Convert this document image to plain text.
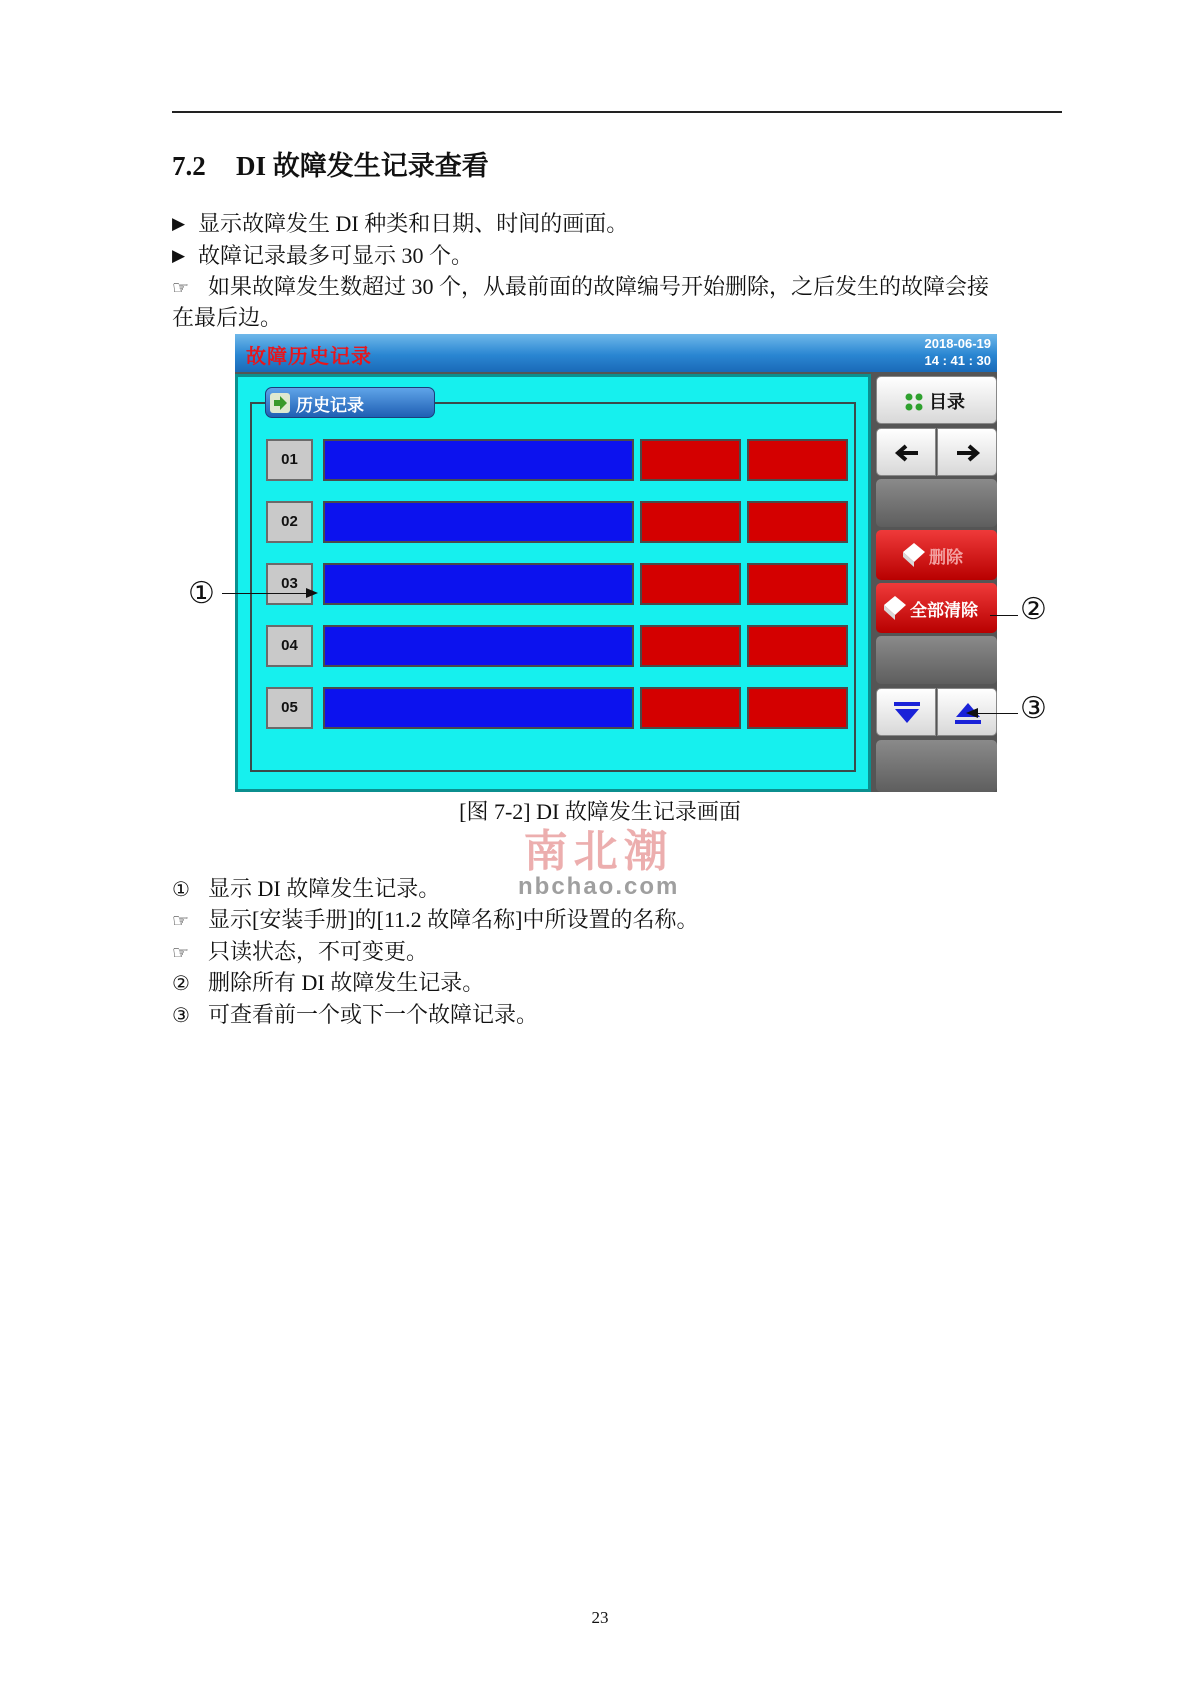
7.2 DI 故障发生记录查看
▶ 显示故障发生 DI 种类和日期、时间的画面。
▶ 故障记录最多可显示 30 个。
☞ 如果故障发生数超过 30 个，从最前面的故障编号开始删除，之后发生的故障会接
在最后边。
故障历史记录
2018-06-19
14 : 41 : 30
历史记录
01
02
03
04
05
目录
删除
全部清除
①	②
③
[图 7-2] DI 故障发生记录画面
南北潮
nbchao.com
① 显示 DI 故障发生记录。
☞ 显示[安装手册]的[11.2 故障名称]中所设置的名称。
☞ 只读状态，不可变更。
② 删除所有 DI 故障发生记录。
③ 可查看前一个或下一个故障记录。
23
